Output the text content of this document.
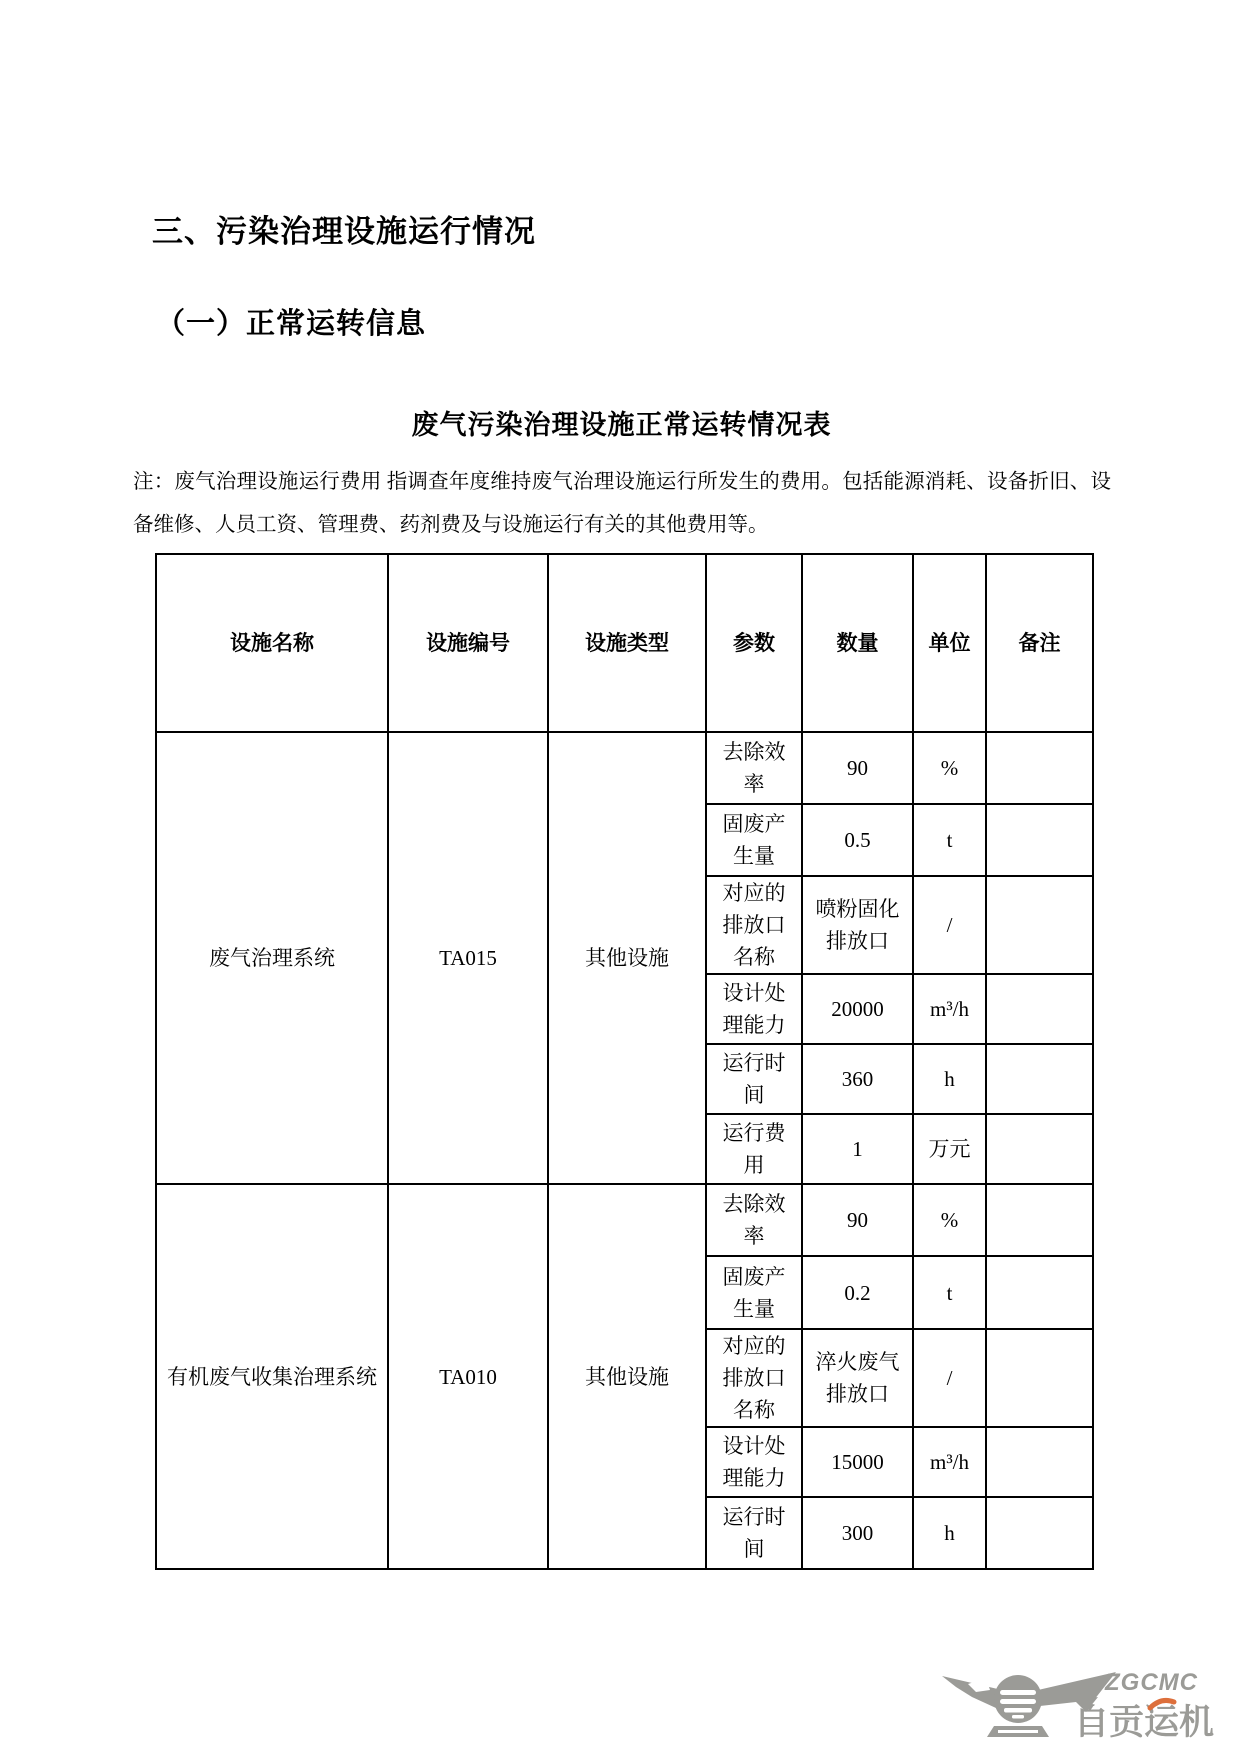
三、污染治理设施运行情况
（一）正常运转信息
废气污染治理设施正常运转情况表
注：废气治理设施运行费用 指调查年度维持废气治理设施运行所发生的费用。包括能源消耗、设备折旧、设备维修、人员工资、管理费、药剂费及与设施运行有关的其他费用等。
设施名称	设施编号	设施类型	参数	数量	单位	备注
废气治理系统	TA015	其他设施	去除效率	90	%	
			固废产生量	0.5	t	
			对应的排放口名称	喷粉固化排放口	/	
			设计处理能力	20000	m³/h	
			运行时间	360	h	
			运行费用	1	万元	
有机废气收集治理系统	TA010	其他设施	去除效率	90	%	
			固废产生量	0.2	t	
			对应的排放口名称	淬火废气排放口	/	
			设计处理能力	15000	m³/h	
			运行时间	300	h	
ZGCMC
自贡运机
